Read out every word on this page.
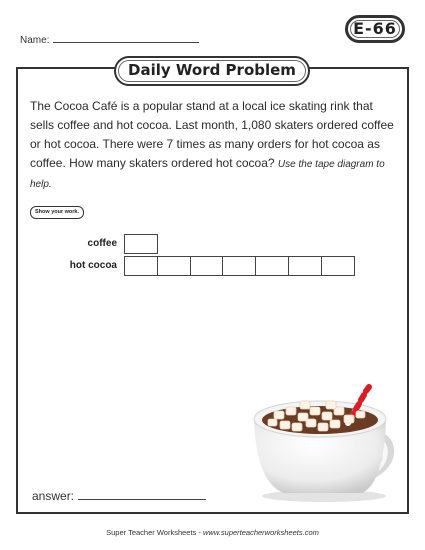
Name:
E-66
Daily Word Problem
The Cocoa Café is a popular stand at a local ice skating rink that sells coffee and hot cocoa. Last month, 1,080 skaters ordered coffee or hot cocoa. There were 7 times as many orders for hot cocoa as coffee. How many skaters ordered hot cocoa? Use the tape diagram to help.
Show your work.
coffee
hot cocoa
answer:
Super Teacher Worksheets - www.superteacherworksheets.com
